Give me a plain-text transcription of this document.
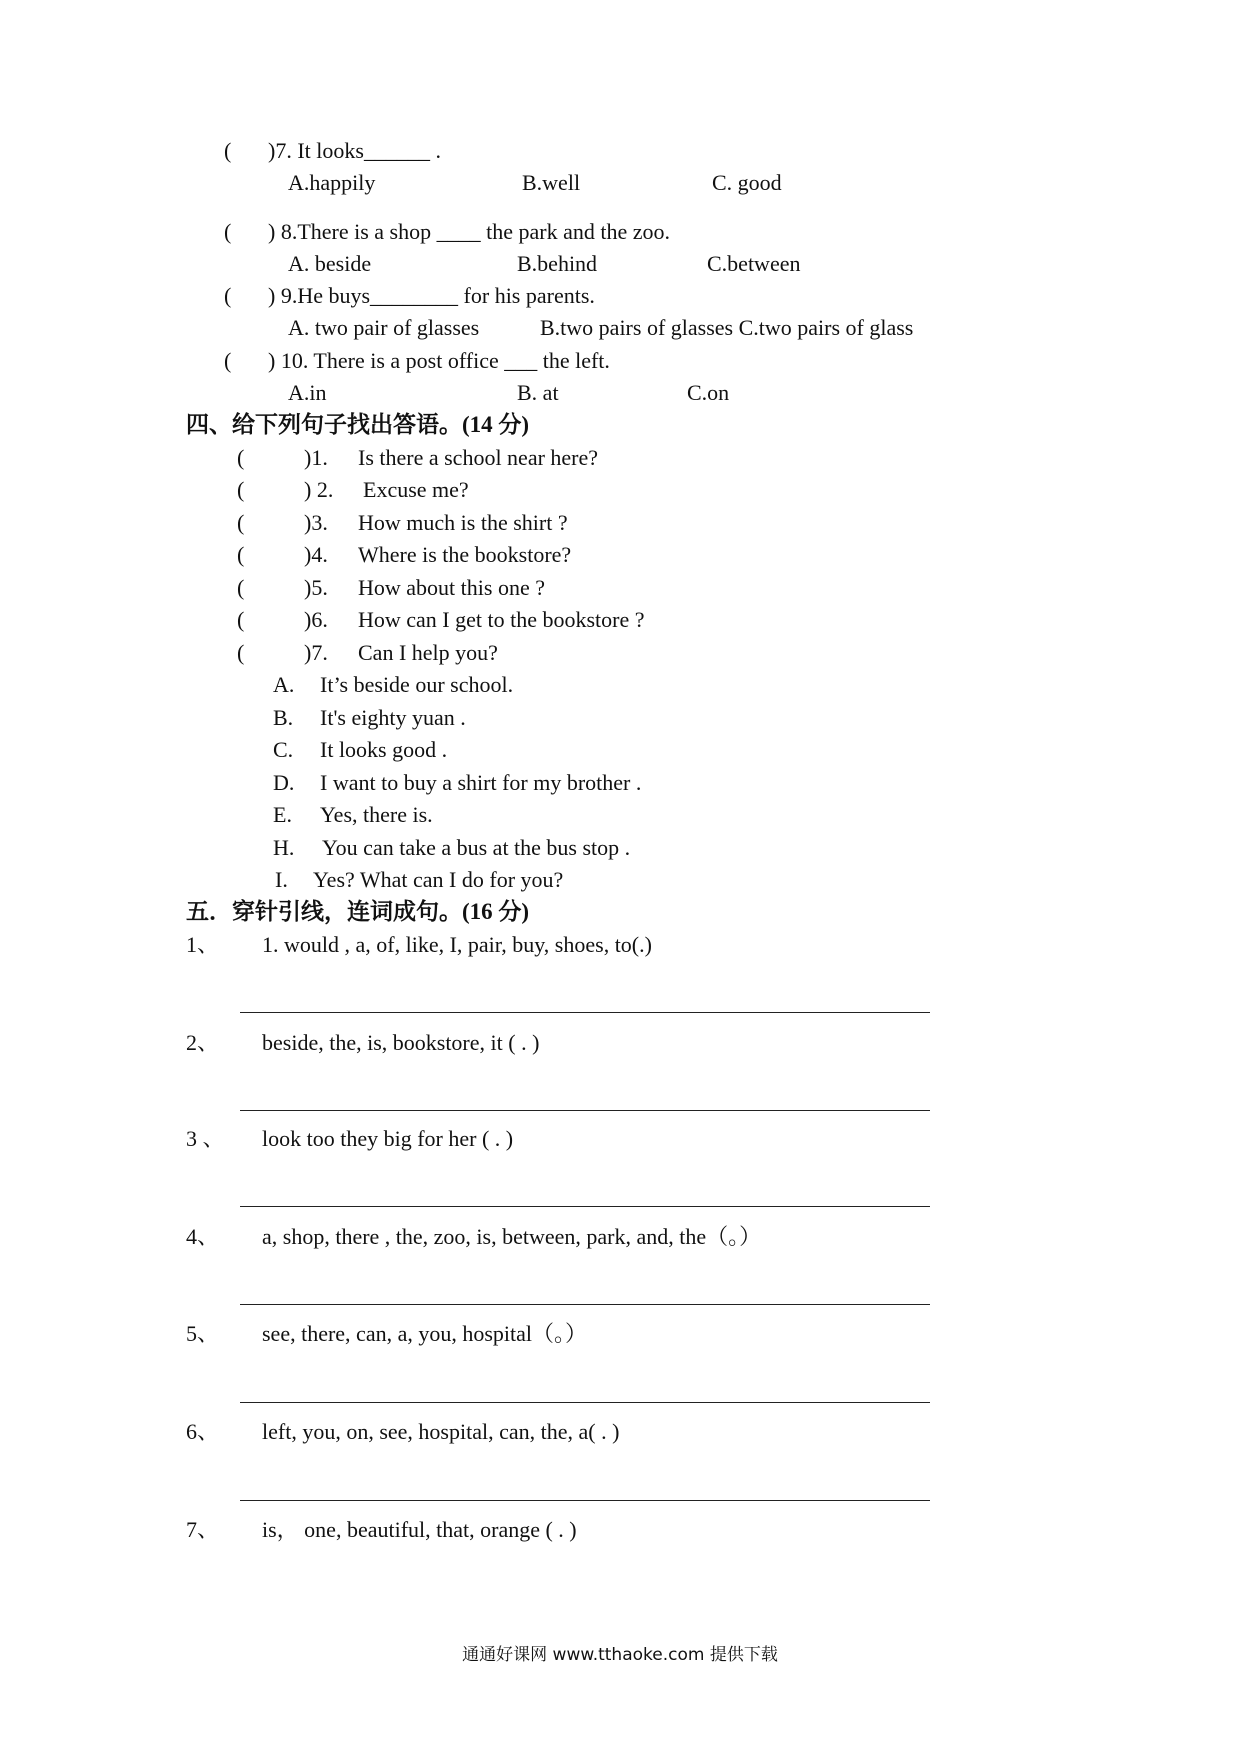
( )7. It looks______ .
A.happily	B.well	C. good
( ) 8.There is a shop ____ the park and the zoo.
A. beside	B.behind	C.between
( ) 9.He buys________ for his parents.
A. two pair of glasses	B.two pairs of glasses C.two pairs of glass
( ) 10. There is a post office ___ the left.
A.in	B. at	C.on
四、给下列句子找出答语。(14 分)
(	)1. Is there a school near here?
(	) 2. Excuse me?
(	)3. How much is the shirt ?
(	)4. Where is the bookstore?
(	)5. How about this one ?
(	)6. How can I get to the bookstore ?
(	)7. Can I help you?
A. It’s beside our school.
B. It's eighty yuan .
C. It looks good .
D. I want to buy a shirt for my brother .
E. Yes, there is.
H. You can take a bus at the bus stop .
I. Yes? What can I do for you?
五．穿针引线，连词成句。(16 分)
1、 1. would , a, of, like, I, pair, buy, shoes, to(.)
2、 beside, the, is, bookstore, it ( . )
3 、 look too they big for her ( . )
4、 a, shop, there , the, zoo, is, between, park, and, the（。）
5、 see, there, can, a, you, hospital（。）
6、 left, you, on, see, hospital, can, the, a( . )
7、 is， one, beautiful, that, orange ( . )
通通好课网 www.tthaoke.com 提供下载
